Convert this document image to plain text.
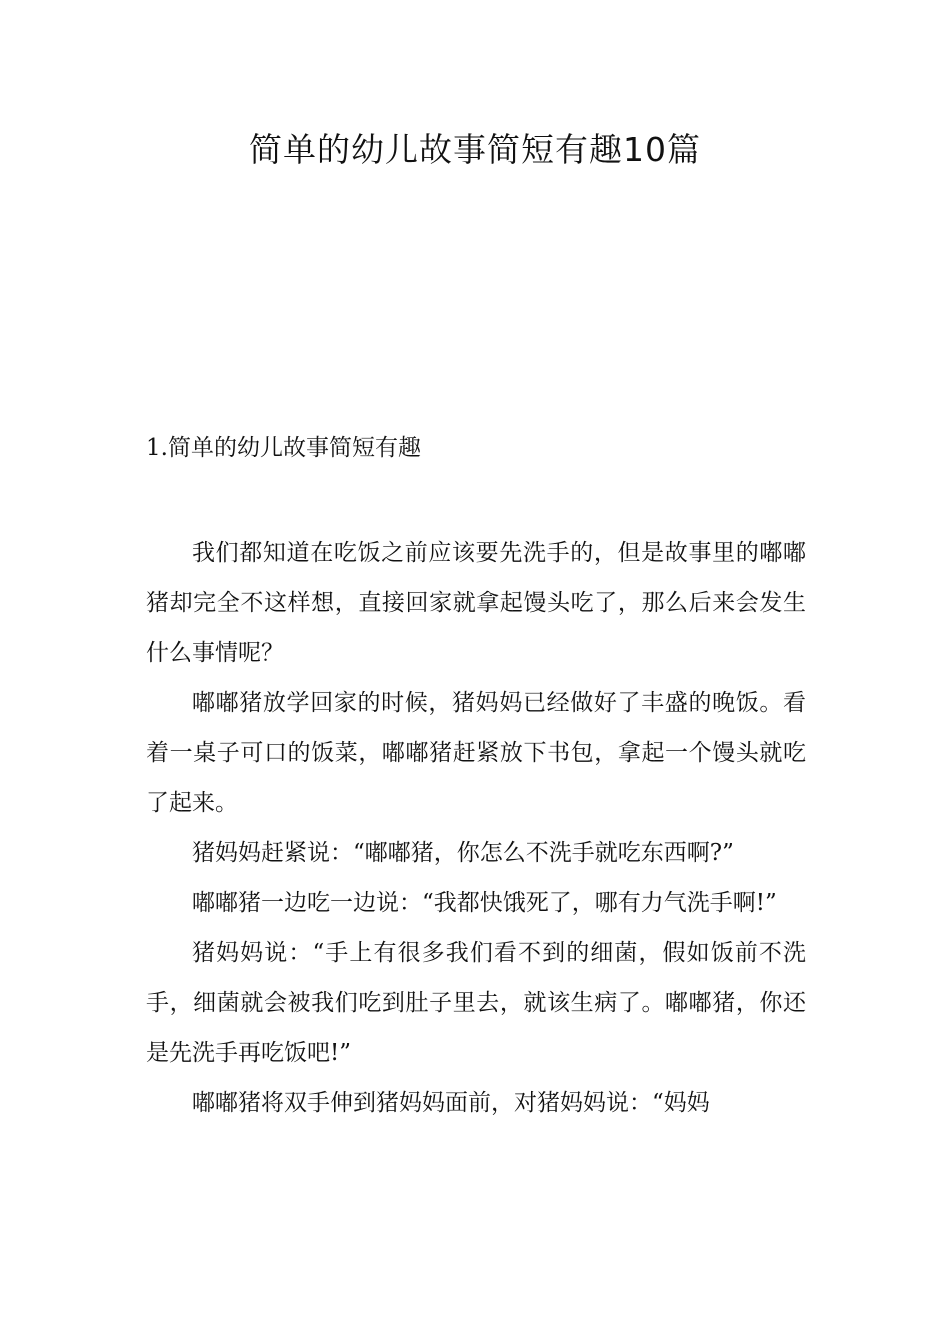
简单的幼儿故事简短有趣10篇
1.简单的幼儿故事简短有趣

我们都知道在吃饭之前应该要先洗手的，但是故事里的嘟嘟猪却完全不这样想，直接回家就拿起馒头吃了，那么后来会发生什么事情呢？

嘟嘟猪放学回家的时候，猪妈妈已经做好了丰盛的晚饭。看着一桌子可口的饭菜，嘟嘟猪赶紧放下书包，拿起一个馒头就吃了起来。

猪妈妈赶紧说：“嘟嘟猪，你怎么不洗手就吃东西啊?”

嘟嘟猪一边吃一边说：“我都快饿死了，哪有力气洗手啊!”

猪妈妈说：“手上有很多我们看不到的细菌，假如饭前不洗手，细菌就会被我们吃到肚子里去，就该生病了。嘟嘟猪，你还是先洗手再吃饭吧!”

嘟嘟猪将双手伸到猪妈妈面前，对猪妈妈说：“妈妈
